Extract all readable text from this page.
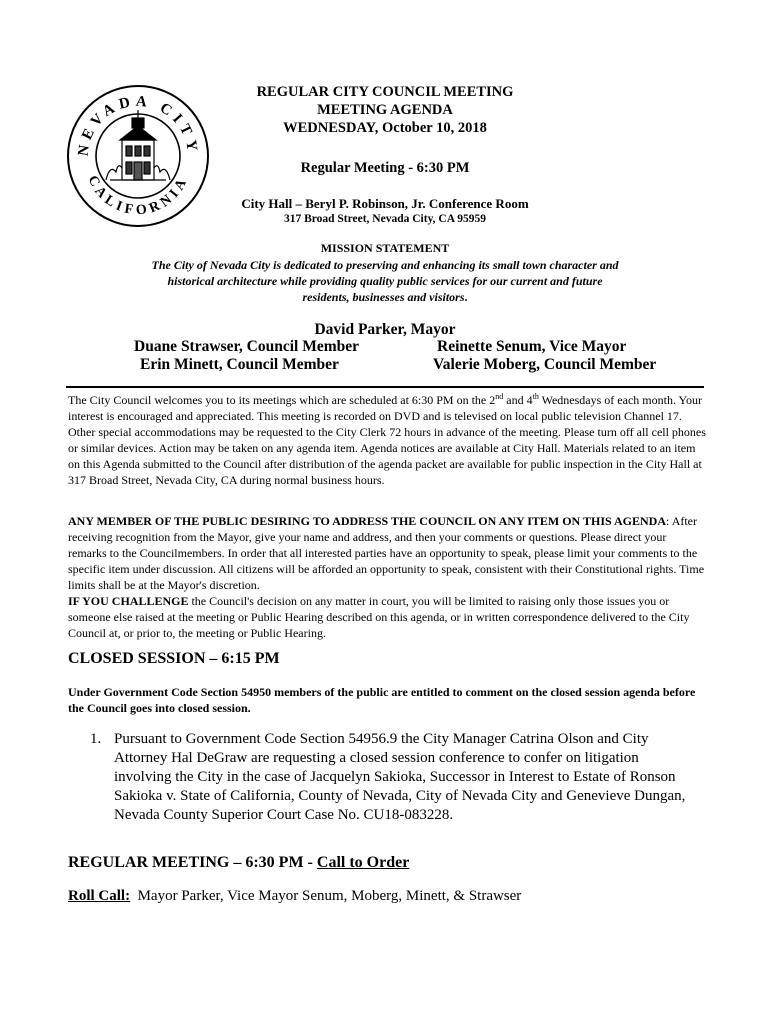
NEVADA CITY
CALIFORNIA
REGULAR CITY COUNCIL MEETING
MEETING AGENDA
WEDNESDAY, October 10, 2018
Regular Meeting - 6:30 PM
City Hall – Beryl P. Robinson, Jr. Conference Room
317 Broad Street, Nevada City, CA 95959
MISSION STATEMENT
The City of Nevada City is dedicated to preserving and enhancing its small town character and historical architecture while providing quality public services for our current and future residents, businesses and visitors.
David Parker, Mayor
Duane Strawser, Council Member	Reinette Senum, Vice Mayor
Erin Minett, Council Member	Valerie Moberg, Council Member
The City Council welcomes you to its meetings which are scheduled at 6:30 PM on the 2nd and 4th Wednesdays of each month. Your interest is encouraged and appreciated. This meeting is recorded on DVD and is televised on local public television Channel 17. Other special accommodations may be requested to the City Clerk 72 hours in advance of the meeting. Please turn off all cell phones or similar devices. Action may be taken on any agenda item. Agenda notices are available at City Hall. Materials related to an item on this Agenda submitted to the Council after distribution of the agenda packet are available for public inspection in the City Hall at 317 Broad Street, Nevada City, CA during normal business hours.
ANY MEMBER OF THE PUBLIC DESIRING TO ADDRESS THE COUNCIL ON ANY ITEM ON THIS AGENDA: After receiving recognition from the Mayor, give your name and address, and then your comments or questions. Please direct your remarks to the Councilmembers. In order that all interested parties have an opportunity to speak, please limit your comments to the specific item under discussion. All citizens will be afforded an opportunity to speak, consistent with their Constitutional rights. Time limits shall be at the Mayor's discretion.
IF YOU CHALLENGE the Council's decision on any matter in court, you will be limited to raising only those issues you or someone else raised at the meeting or Public Hearing described on this agenda, or in written correspondence delivered to the City Council at, or prior to, the meeting or Public Hearing.
CLOSED SESSION – 6:15 PM
Under Government Code Section 54950 members of the public are entitled to comment on the closed session agenda before the Council goes into closed session.
1. Pursuant to Government Code Section 54956.9 the City Manager Catrina Olson and City Attorney Hal DeGraw are requesting a closed session conference to confer on litigation involving the City in the case of Jacquelyn Sakioka, Successor in Interest to Estate of Ronson Sakioka v. State of California, County of Nevada, City of Nevada City and Genevieve Dungan, Nevada County Superior Court Case No. CU18-083228.
REGULAR MEETING – 6:30 PM - Call to Order
Roll Call:  Mayor Parker, Vice Mayor Senum, Moberg, Minett, & Strawser
